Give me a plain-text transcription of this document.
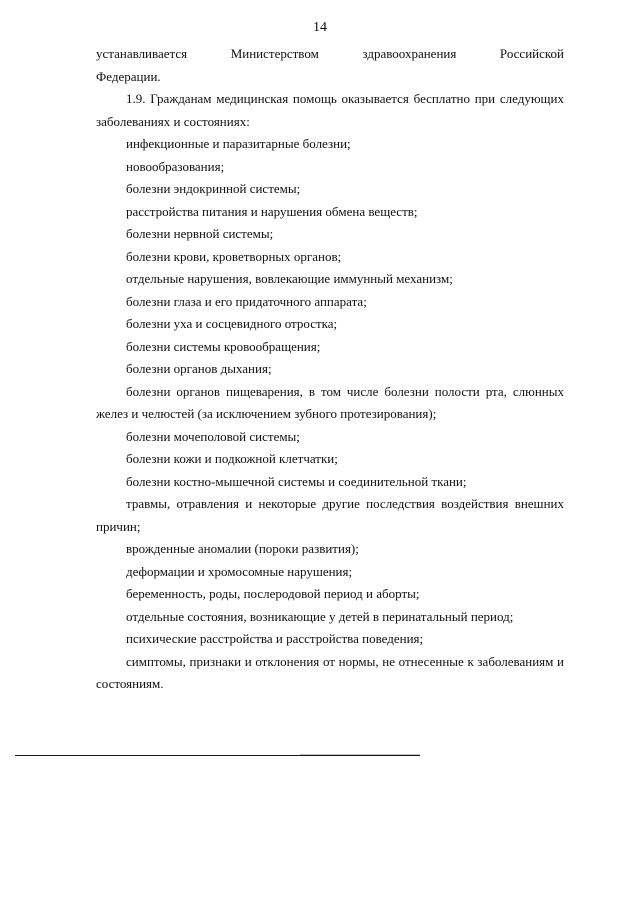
14

устанавливается Министерством здравоохранения Российской

Федерации.

1.9. Гражданам медицинская помощь оказывается бесплатно при следующих заболеваниях и состояниях:

инфекционные и паразитарные болезни;

новообразования;

болезни эндокринной системы;

расстройства питания и нарушения обмена веществ;

болезни нервной системы;

болезни крови, кроветворных органов;

отдельные нарушения, вовлекающие иммунный механизм;

болезни глаза и его придаточного аппарата;

болезни уха и сосцевидного отростка;

болезни системы кровообращения;

болезни органов дыхания;

болезни органов пищеварения, в том числе болезни полости рта, слюнных желез и челюстей (за исключением зубного протезирования);

болезни мочеполовой системы;

болезни кожи и подкожной клетчатки;

болезни костно-мышечной системы и соединительной ткани;

травмы, отравления и некоторые другие последствия воздействия внешних причин;

врожденные аномалии (пороки развития);

деформации и хромосомные нарушения;

беременность, роды, послеродовой период и аборты;

отдельные состояния, возникающие у детей в перинатальный период;

психические расстройства и расстройства поведения;

симптомы, признаки и отклонения от нормы, не отнесенные к заболеваниям и состояниям.
